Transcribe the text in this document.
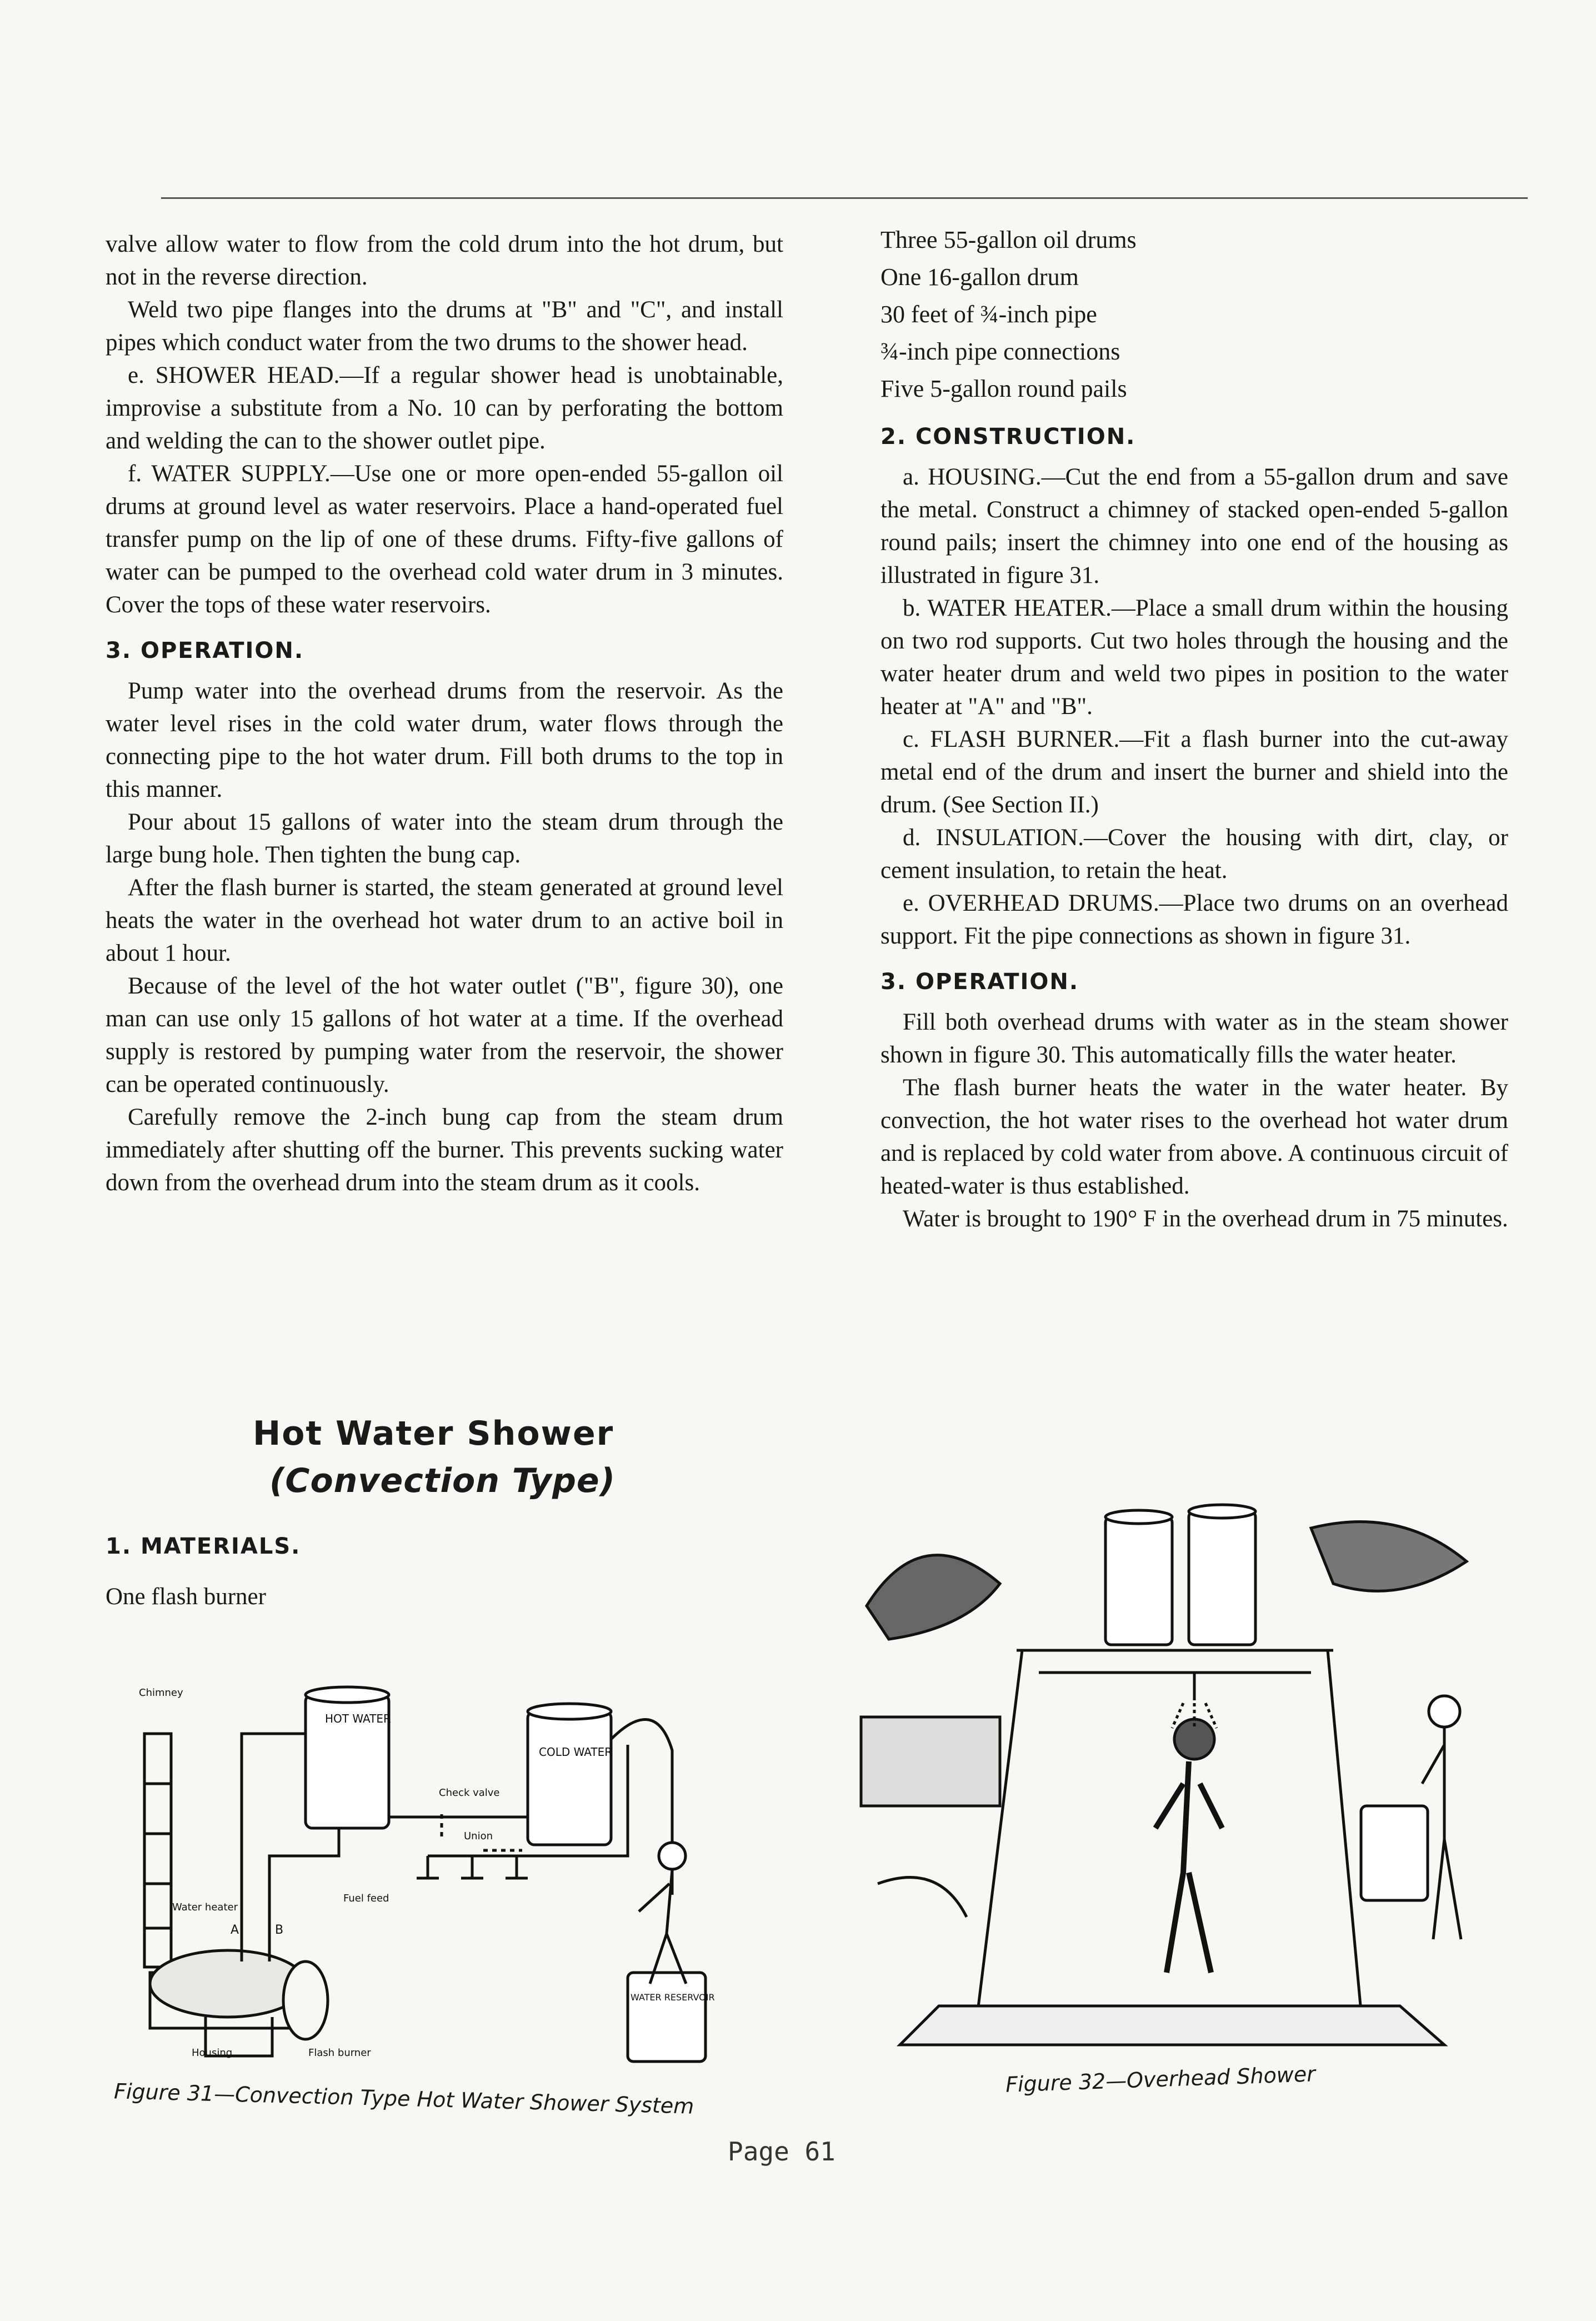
valve allow water to flow from the cold drum into the hot drum, but not in the reverse direction.

Weld two pipe flanges into the drums at "B" and "C", and install pipes which conduct water from the two drums to the shower head.

e. SHOWER HEAD.—If a regular shower head is unobtainable, improvise a substitute from a No. 10 can by perforating the bottom and welding the can to the shower outlet pipe.

f. WATER SUPPLY.—Use one or more open-ended 55-gallon oil drums at ground level as water reservoirs. Place a hand-operated fuel transfer pump on the lip of one of these drums. Fifty-five gallons of water can be pumped to the overhead cold water drum in 3 minutes. Cover the tops of these water reservoirs.

3. OPERATION.

Pump water into the overhead drums from the reservoir. As the water level rises in the cold water drum, water flows through the connecting pipe to the hot water drum. Fill both drums to the top in this manner.

Pour about 15 gallons of water into the steam drum through the large bung hole. Then tighten the bung cap.

After the flash burner is started, the steam generated at ground level heats the water in the overhead hot water drum to an active boil in about 1 hour.

Because of the level of the hot water outlet ("B", figure 30), one man can use only 15 gallons of hot water at a time. If the overhead supply is restored by pumping water from the reservoir, the shower can be operated continuously.

Carefully remove the 2-inch bung cap from the steam drum immediately after shutting off the burner. This prevents sucking water down from the overhead drum into the steam drum as it cools.

Hot Water Shower
(Convection Type)
1. MATERIALS.

One flash burner

Three 55-gallon oil drums

One 16-gallon drum

30 feet of ¾-inch pipe

¾-inch pipe connections

Five 5-gallon round pails

2. CONSTRUCTION.

a. HOUSING.—Cut the end from a 55-gallon drum and save the metal. Construct a chimney of stacked open-ended 5-gallon round pails; insert the chimney into one end of the housing as illustrated in figure 31.

b. WATER HEATER.—Place a small drum within the housing on two rod supports. Cut two holes through the housing and the water heater drum and weld two pipes in position to the water heater at "A" and "B".

c. FLASH BURNER.—Fit a flash burner into the cut-away metal end of the drum and insert the burner and shield into the drum. (See Section II.)

d. INSULATION.—Cover the housing with dirt, clay, or cement insulation, to retain the heat.

e. OVERHEAD DRUMS.—Place two drums on an overhead support. Fit the pipe connections as shown in figure 31.

3. OPERATION.

Fill both overhead drums with water as in the steam shower shown in figure 30. This automatically fills the water heater.

The flash burner heats the water in the water heater. By convection, the hot water rises to the overhead hot water drum and is replaced by cold water from above. A continuous circuit of heated-water is thus established.

Water is brought to 190° F in the overhead drum in 75 minutes.

Chimney
HOT WATER
COLD WATER
Check valve
Union
Water heater
Fuel feed
A	B
Housing	Flash burner
WATER RESERVOIR
Figure 31—Convection Type Hot Water Shower System	Figure 32—Overhead Shower
Page 61
